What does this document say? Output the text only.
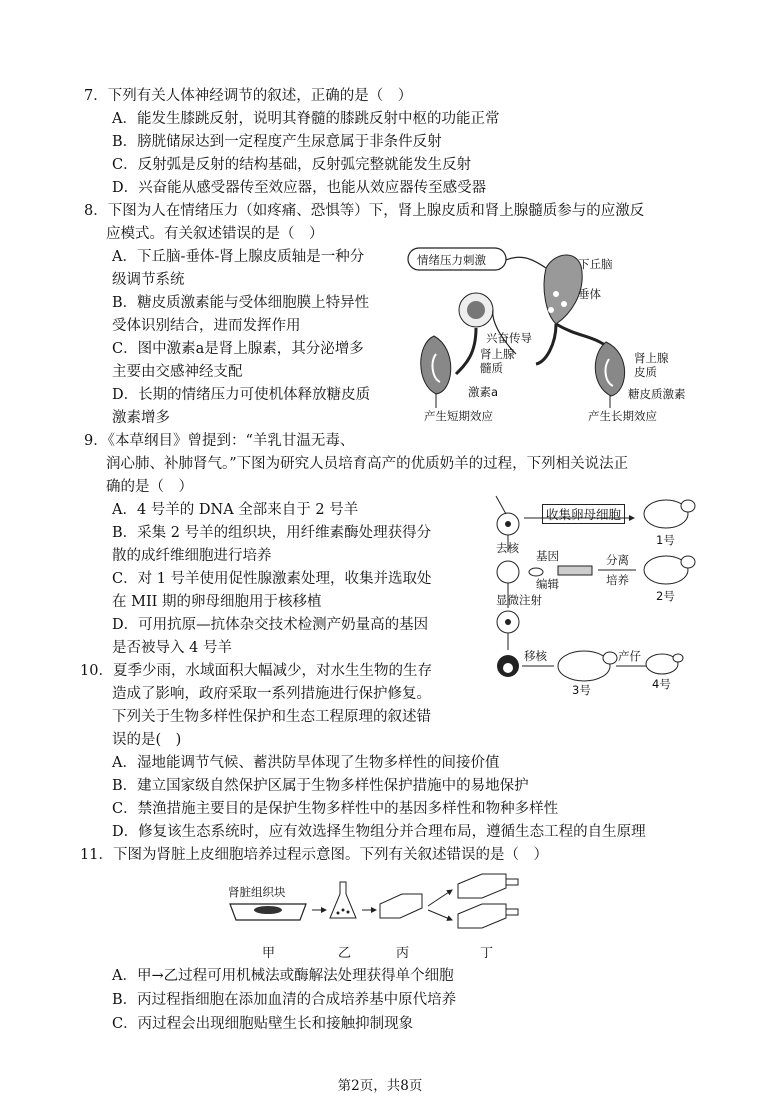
7．下列有关人体神经调节的叙述，正确的是（　）
A．能发生膝跳反射，说明其脊髓的膝跳反射中枢的功能正常
B．膀胱储尿达到一定程度产生尿意属于非条件反射
C．反射弧是反射的结构基础，反射弧完整就能发生反射
D．兴奋能从感受器传至效应器，也能从效应器传至感受器
8．下图为人在情绪压力（如疼痛、恐惧等）下，肾上腺皮质和肾上腺髓质参与的应激反
应模式。有关叙述错误的是（　）
A．下丘脑-垂体-肾上腺皮质轴是一种分
级调节系统
B．糖皮质激素能与受体细胞膜上特异性
受体识别结合，进而发挥作用
C．图中激素a是肾上腺素，其分泌增多
主要由交感神经支配
D．长期的情绪压力可使机体释放糖皮质
激素增多
情绪压力刺激	下丘脑
垂体
兴奋传导
肾上腺
髓质
肾上腺
皮质
激素a	糖皮质激素
产生短期效应	产生长期效应
9．《本草纲目》曾提到：“羊乳甘温无毒、
润心肺、补肺肾气。”下图为研究人员培育高产的优质奶羊的过程，下列相关说法正
确的是（　）
A．4 号羊的 DNA 全部来自于 2 号羊
B．采集 2 号羊的组织块，用纤维素酶处理获得分
散的成纤维细胞进行培养
C．对 1 号羊使用促性腺激素处理，收集并选取处
在 MII 期的卵母细胞用于核移植
D．可用抗原—抗体杂交技术检测产奶量高的基因
是否被导入 4 号羊
收集卵母细胞
去核
基因
编辑
分离
培养
显微注射
移核	产仔
1号
2号
3号	4号
10．夏季少雨，水域面积大幅减少，对水生生物的生存
造成了影响，政府采取一系列措施进行保护修复。
下列关于生物多样性保护和生态工程原理的叙述错
误的是(　)
A．湿地能调节气候、蓄洪防旱体现了生物多样性的间接价值
B．建立国家级自然保护区属于生物多样性保护措施中的易地保护
C．禁渔措施主要目的是保护生物多样性中的基因多样性和物种多样性
D．修复该生态系统时，应有效选择生物组分并合理布局，遵循生态工程的自生原理
11．下图为肾脏上皮细胞培养过程示意图。下列有关叙述错误的是（　）
肾脏组织块
甲	乙	丙	丁
A．甲→乙过程可用机械法或酶解法处理获得单个细胞
B．丙过程指细胞在添加血清的合成培养基中原代培养
C．丙过程会出现细胞贴壁生长和接触抑制现象
第2页，共8页
